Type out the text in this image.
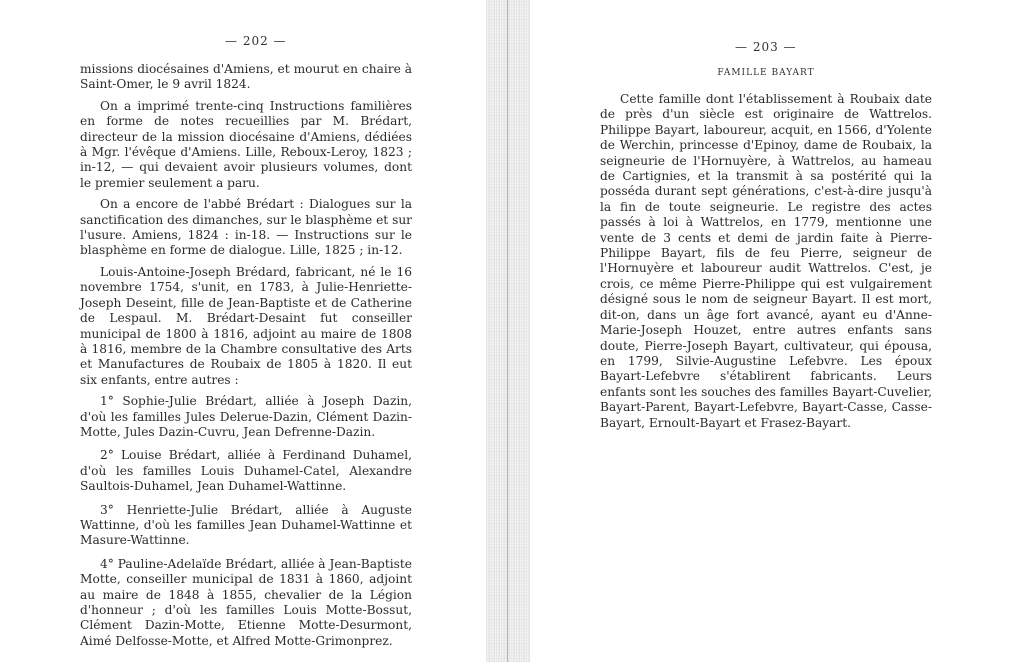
— 202 —

missions diocésaines d'Amiens, et mourut en chaire à Saint-Omer, le 9 avril 1824.

On a imprimé trente-cinq Instructions familières en forme de notes recueillies par M. Brédart, directeur de la mission diocésaine d'Amiens, dédiées à Mgr. l'évêque d'Amiens. Lille, Reboux-Leroy, 1823 ; in-12, — qui devaient avoir plusieurs volumes, dont le premier seulement a paru.

On a encore de l'abbé Brédart : Dialogues sur la sanctification des dimanches, sur le blasphème et sur l'usure. Amiens, 1824 : in-18. — Instructions sur le blasphème en forme de dialogue. Lille, 1825 ; in-12.

Louis-Antoine-Joseph Brédard, fabricant, né le 16 novembre 1754, s'unit, en 1783, à Julie-Henriette-Joseph Deseint, fille de Jean-Baptiste et de Catherine de Lespaul. M. Brédart-Desaint fut conseiller municipal de 1800 à 1816, adjoint au maire de 1808 à 1816, membre de la Chambre consultative des Arts et Manufactures de Roubaix de 1805 à 1820. Il eut six enfants, entre autres :

1° Sophie-Julie Brédart, alliée à Joseph Dazin, d'où les familles Jules Delerue-Dazin, Clément Dazin-Motte, Jules Dazin-Cuvru, Jean Defrenne-Dazin.

2° Louise Brédart, alliée à Ferdinand Duhamel, d'où les familles Louis Duhamel-Catel, Alexandre Saultois-Duhamel, Jean Duhamel-Wattinne.

3° Henriette-Julie Brédart, alliée à Auguste Wattinne, d'où les familles Jean Duhamel-Wattinne et Masure-Wattinne.

4° Pauline-Adelaïde Brédart, alliée à Jean-Baptiste Motte, conseiller municipal de 1831 à 1860, adjoint au maire de 1848 à 1855, chevalier de la Légion d'honneur ; d'où les familles Louis Motte-Bossut, Clément Dazin-Motte, Etienne Motte-Desurmont, Aimé Delfosse-Motte, et Alfred Motte-Grimonprez.

— 203 —
FAMILLE BAYART

Cette famille dont l'établissement à Roubaix date de près d'un siècle est originaire de Wattrelos. Philippe Bayart, laboureur, acquit, en 1566, d'Yolente de Werchin, princesse d'Epinoy, dame de Roubaix, la seigneurie de l'Hornuyère, à Wattrelos, au hameau de Cartignies, et la transmit à sa postérité qui la posséda durant sept générations, c'est-à-dire jusqu'à la fin de toute seigneurie. Le registre des actes passés à loi à Wattrelos, en 1779, mentionne une vente de 3 cents et demi de jardin faite à Pierre-Philippe Bayart, fils de feu Pierre, seigneur de l'Hornuyère et laboureur audit Wattrelos. C'est, je crois, ce même Pierre-Philippe qui est vulgairement désigné sous le nom de seigneur Bayart. Il est mort, dit-on, dans un âge fort avancé, ayant eu d'Anne-Marie-Joseph Houzet, entre autres enfants sans doute, Pierre-Joseph Bayart, cultivateur, qui épousa, en 1799, Silvie-Augustine Lefebvre. Les époux Bayart-Lefebvre s'établirent fabricants. Leurs enfants sont les souches des familles Bayart-Cuvelier, Bayart-Parent, Bayart-Lefebvre, Bayart-Casse, Casse-Bayart, Ernoult-Bayart et Frasez-Bayart.
